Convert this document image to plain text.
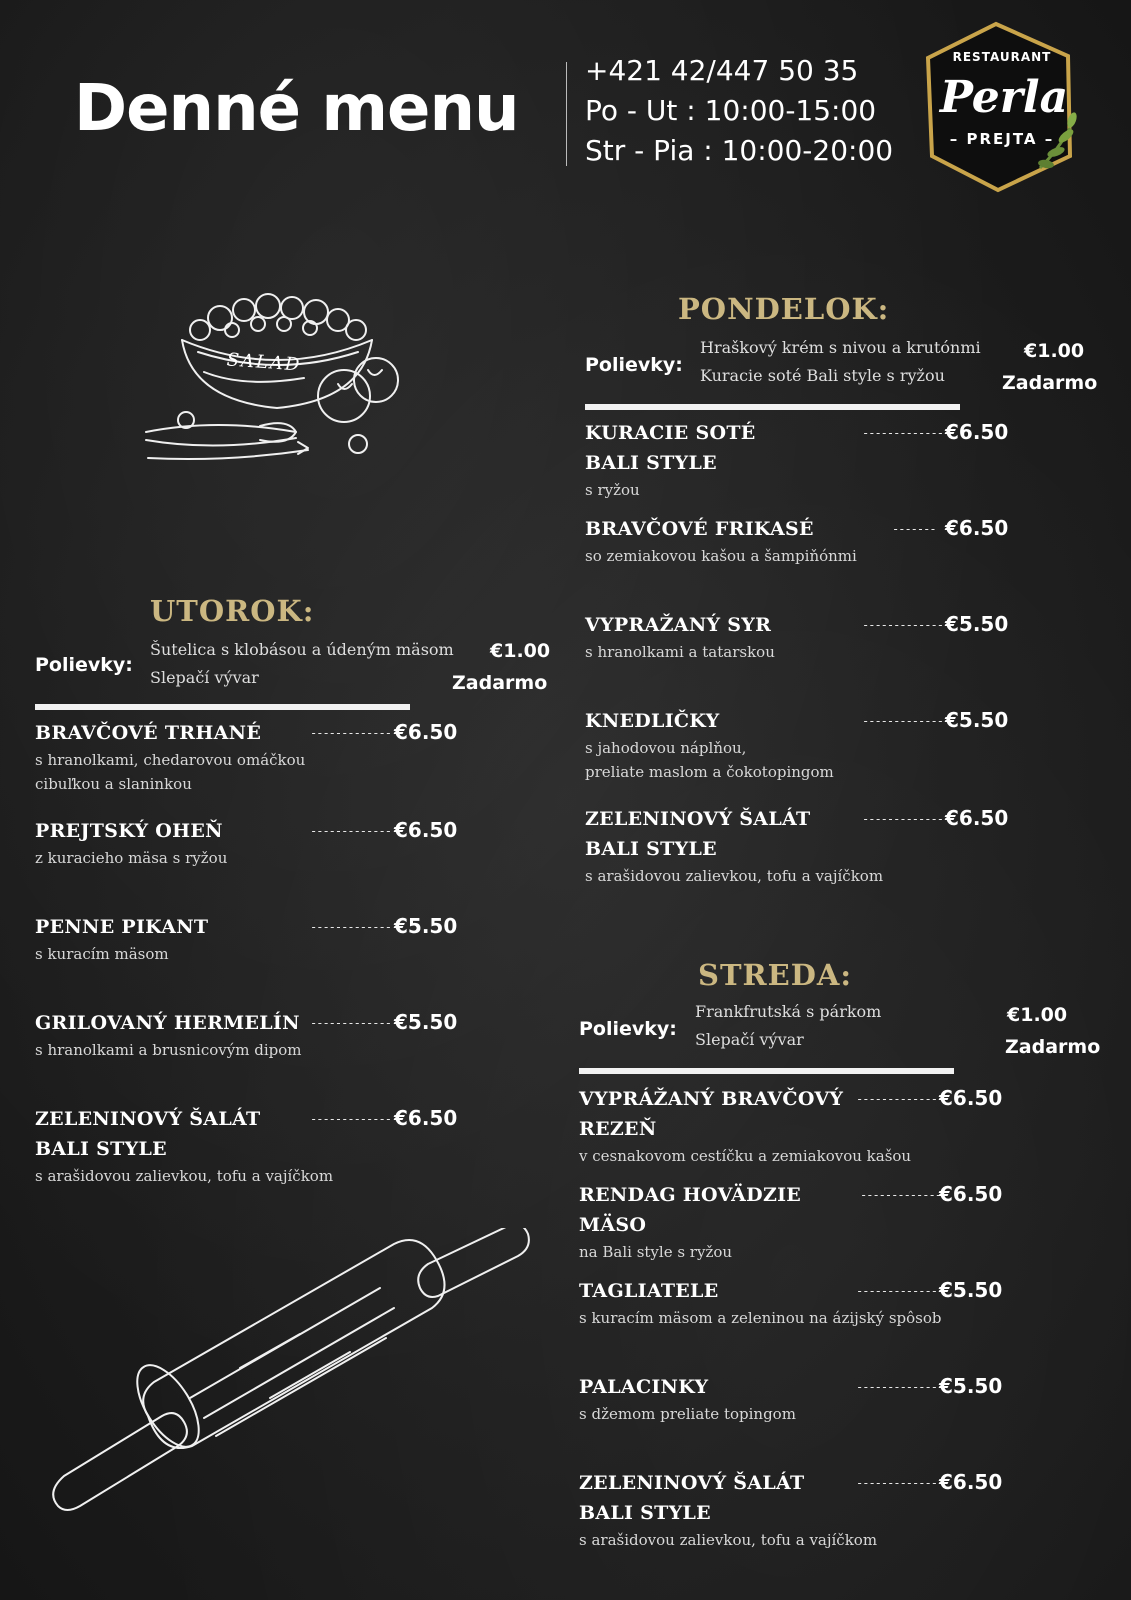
Denné menu
+421 42/447 50 35
Po - Ut : 10:00-15:00
Str - Pia : 10:00-20:00
RESTAURANT
Perla
– PREJTA –
SALAD
PONDELOK:
Polievky:
Hraškový krém s nivou a krutónmi
Kuracie soté Bali style s ryžou
€1.00
Zadarmo
KURACIE SOTÉ
BALI STYLE
s ryžou
------------- €6.50
BRAVČOVÉ FRIKASÉ
so zemiakovou kašou a šampiňónmi
------- €6.50
VYPRAŽANÝ SYR
s hranolkami a tatarskou
------------- €5.50
KNEDLIČKY
s jahodovou náplňou,
preliate maslom a čokotopingom
------------- €5.50
ZELENINOVÝ ŠALÁT
BALI STYLE
s arašidovou zalievkou, tofu a vajíčkom
------------- €6.50
UTOROK:
Polievky:
Šutelica s klobásou a údeným mäsom
Slepačí vývar
€1.00
Zadarmo
BRAVČOVÉ TRHANÉ
s hranolkami, chedarovou omáčkou
cibuľkou a slaninkou
------------- €6.50
PREJTSKÝ OHEŇ
z kuracieho mäsa s ryžou
------------- €6.50
PENNE PIKANT
s kuracím mäsom
------------- €5.50
GRILOVANÝ HERMELÍN
s hranolkami a brusnicovým dipom
------------- €5.50
ZELENINOVÝ ŠALÁT
BALI STYLE
s arašidovou zalievkou, tofu a vajíčkom
------------- €6.50
STREDA:
Polievky:
Frankfrutská s párkom
Slepačí vývar
€1.00
Zadarmo
VYPRÁŽANÝ BRAVČOVÝ
REZEŇ
v cesnakovom cestíčku a zemiakovou kašou
------------- €6.50
RENDAG HOVÄDZIE
MÄSO
na Bali style s ryžou
-------------
€6.50
TAGLIATELE
s kuracím mäsom a zeleninou na ázijský spôsob
------------- €5.50
PALACINKY
s džemom preliate topingom
------------- €5.50
ZELENINOVÝ ŠALÁT
BALI STYLE
s arašidovou zalievkou, tofu a vajíčkom
------------- €6.50
